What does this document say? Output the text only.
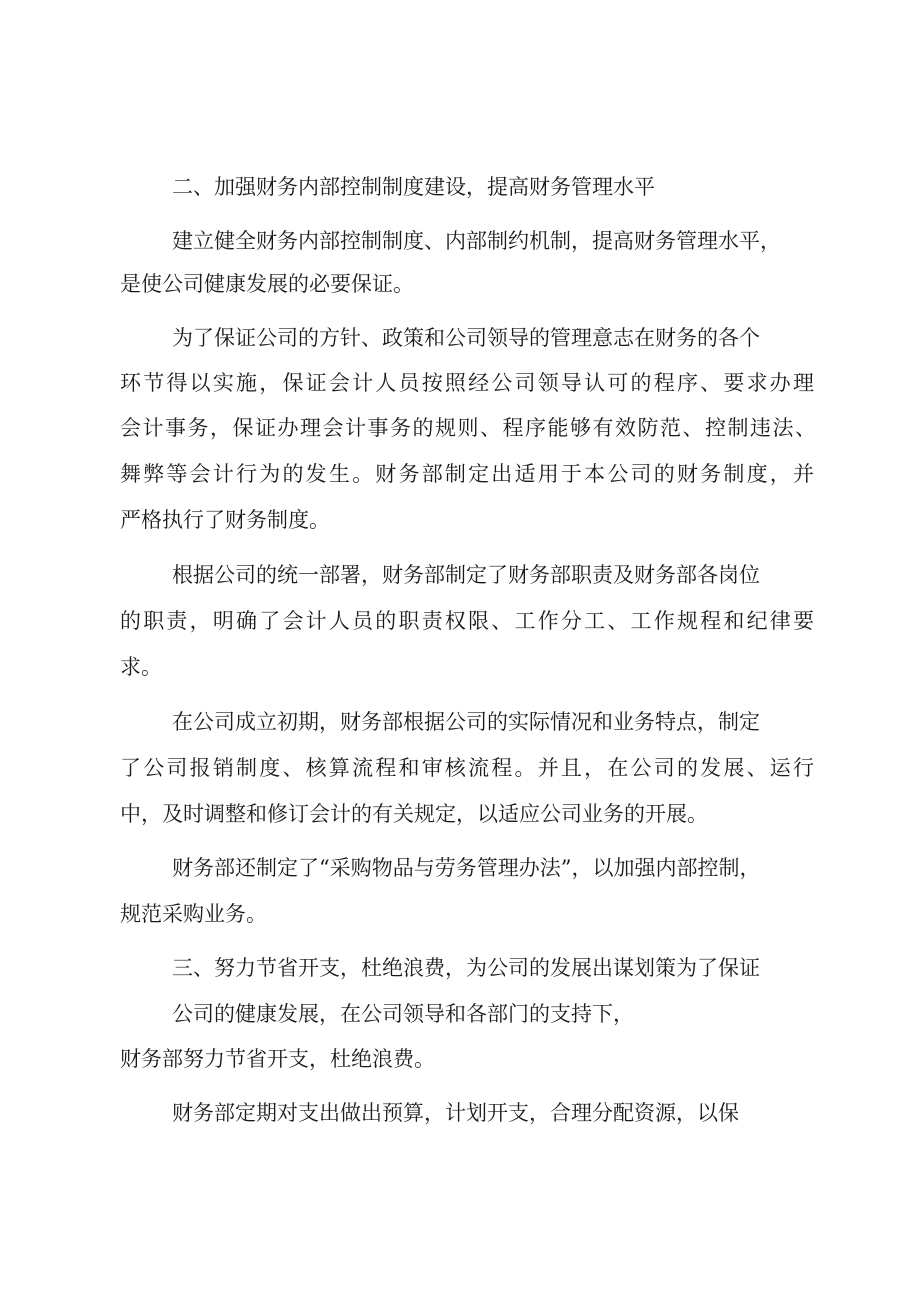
二、加强财务内部控制制度建设，提高财务管理水平

建立健全财务内部控制制度、内部制约机制，提高财务管理水平，

是使公司健康发展的必要保证。

为了保证公司的方针、政策和公司领导的管理意志在财务的各个

环节得以实施，保证会计人员按照经公司领导认可的程序、要求办理

会计事务，保证办理会计事务的规则、程序能够有效防范、控制违法、

舞弊等会计行为的发生。财务部制定出适用于本公司的财务制度，并

严格执行了财务制度。

根据公司的统一部署，财务部制定了财务部职责及财务部各岗位

的职责，明确了会计人员的职责权限、工作分工、工作规程和纪律要

求。

在公司成立初期，财务部根据公司的实际情况和业务特点，制定

了公司报销制度、核算流程和审核流程。并且，在公司的发展、运行

中，及时调整和修订会计的有关规定，以适应公司业务的开展。

财务部还制定了“采购物品与劳务管理办法”，以加强内部控制，

规范采购业务。

三、努力节省开支，杜绝浪费，为公司的发展出谋划策为了保证

公司的健康发展，在公司领导和各部门的支持下，

财务部努力节省开支，杜绝浪费。

财务部定期对支出做出预算，计划开支，合理分配资源，以保
